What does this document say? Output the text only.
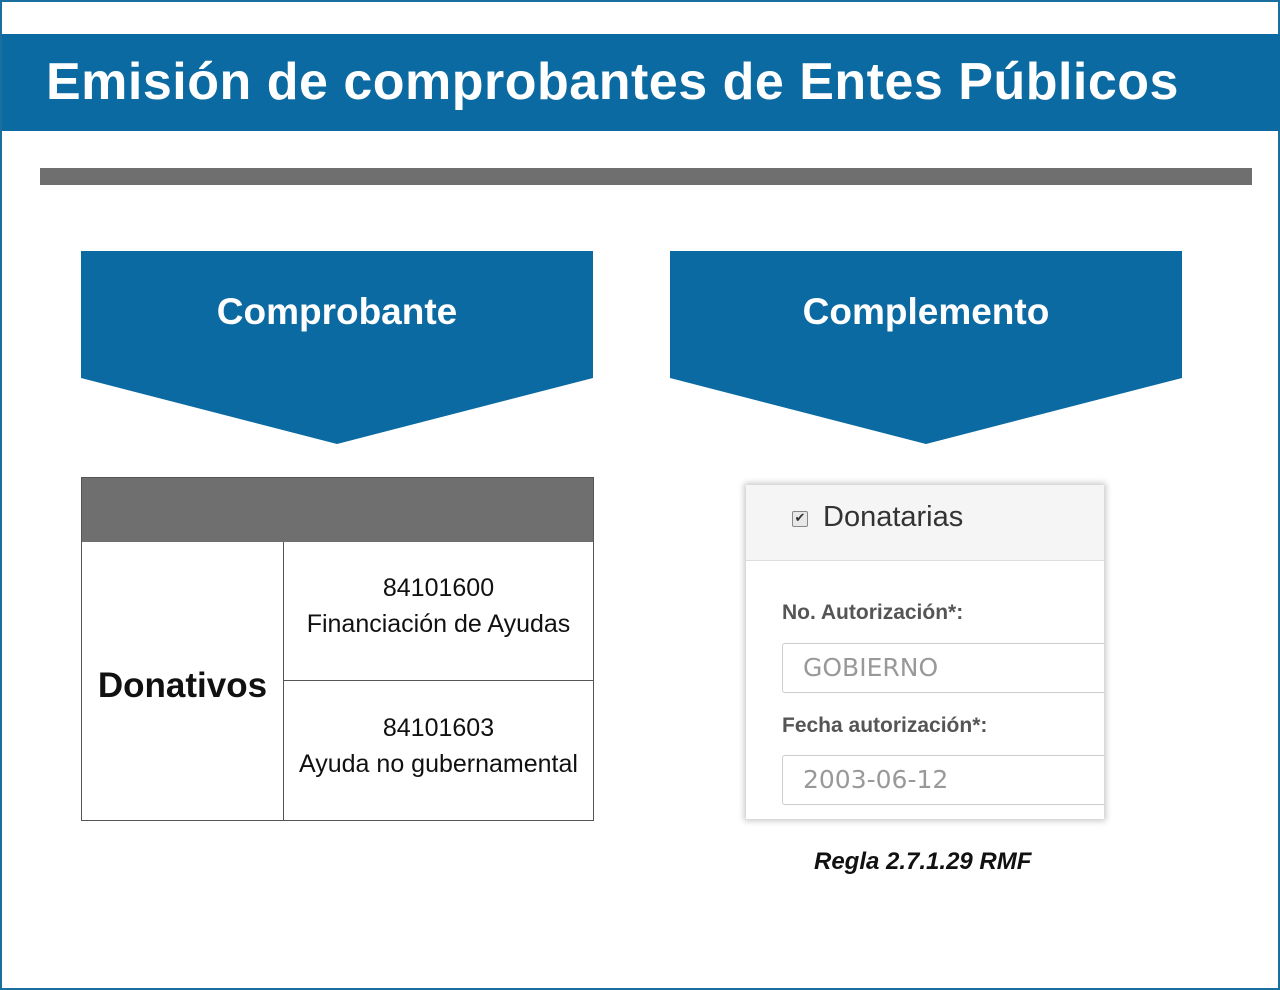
Emisión de comprobantes de Entes Públicos
Comprobante	Complemento
Donativos
84101600
Financiación de Ayudas
84101603
Ayuda no gubernamental
✔ Donatarias
No. Autorización*:
GOBIERNO
Fecha autorización*:
2003-06-12
Regla 2.7.1.29 RMF
